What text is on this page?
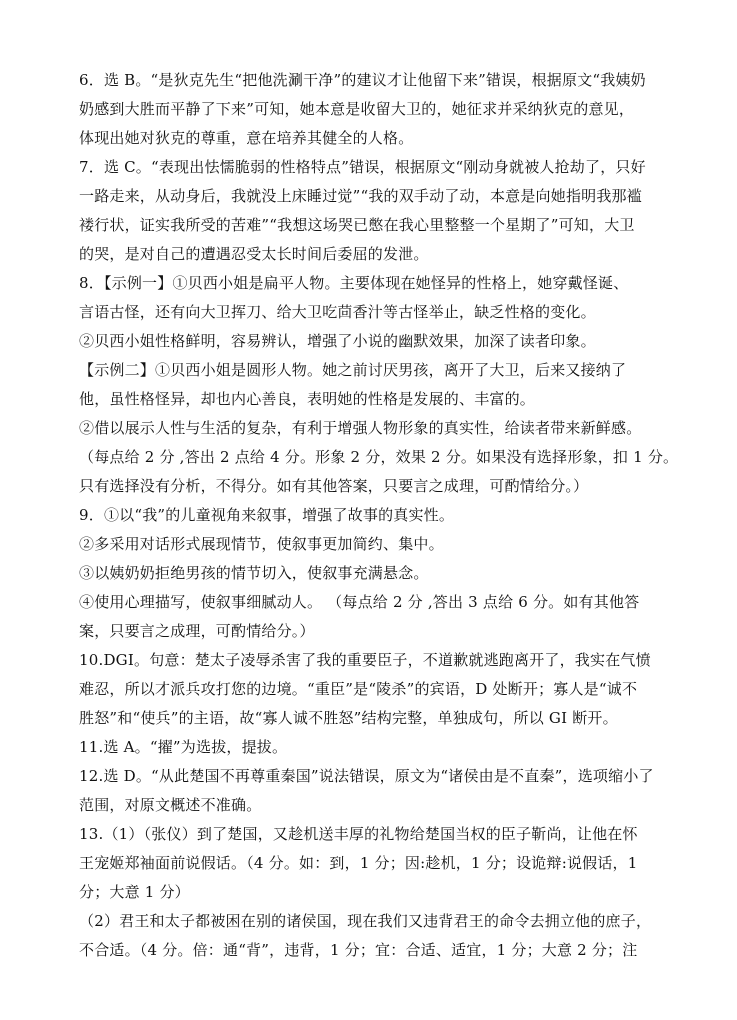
6．选 B。“是狄克先生“把他洗涮干净”的建议才让他留下来”错误，根据原文“我姨奶
奶感到大胜而平静了下来”可知，她本意是收留大卫的，她征求并采纳狄克的意见，
体现出她对狄克的尊重，意在培养其健全的人格。
7．选 C。“表现出怯懦脆弱的性格特点”错误，根据原文“刚动身就被人抢劫了，只好
一路走来，从动身后，我就没上床睡过觉”“我的双手动了动，本意是向她指明我那褴
褛行状，证实我所受的苦难”“我想这场哭已憋在我心里整整一个星期了”可知，大卫
的哭，是对自己的遭遇忍受太长时间后委屈的发泄。
8．【示例一】①贝西小姐是扁平人物。主要体现在她怪异的性格上，她穿戴怪诞、
言语古怪，还有向大卫挥刀、给大卫吃茴香汁等古怪举止，缺乏性格的变化。
②贝西小姐性格鲜明，容易辨认，增强了小说的幽默效果，加深了读者印象。
【示例二】①贝西小姐是圆形人物。她之前讨厌男孩，离开了大卫，后来又接纳了
他，虽性格怪异，却也内心善良，表明她的性格是发展的、丰富的。
②借以展示人性与生活的复杂，有利于增强人物形象的真实性，给读者带来新鲜感。
（每点给 2 分 ,答出 2 点给 4 分。形象 2 分，效果 2 分。如果没有选择形象，扣 1 分。
只有选择没有分析，不得分。如有其他答案，只要言之成理，可酌情给分。）
9．①以“我”的儿童视角来叙事，增强了故事的真实性。
②多采用对话形式展现情节，使叙事更加简约、集中。
③以姨奶奶拒绝男孩的情节切入，使叙事充满悬念。
④使用心理描写，使叙事细腻动人。 （每点给 2 分 ,答出 3 点给 6 分。如有其他答
案，只要言之成理，可酌情给分。）
10.DGI。句意：楚太子凌辱杀害了我的重要臣子，不道歉就逃跑离开了，我实在气愤
难忍，所以才派兵攻打您的边境。“重臣”是“陵杀”的宾语，D 处断开；寡人是“诚不
胜怒”和“使兵”的主语，故“寡人诚不胜怒”结构完整，单独成句，所以 GI 断开。
11.选 A。“擢”为选拔，提拔。
12.选 D。“从此楚国不再尊重秦国”说法错误，原文为“诸侯由是不直秦”，选项缩小了
范围，对原文概述不准确。
13.（1）（张仪）到了楚国，又趁机送丰厚的礼物给楚国当权的臣子靳尚，让他在怀
王宠姬郑袖面前说假话。（4 分。如：到，1 分；因:趁机，1 分；设诡辩:说假话，1
分；大意 1 分）
（2）君王和太子都被困在别的诸侯国，现在我们又违背君王的命令去拥立他的庶子，
不合适。（4 分。倍：通“背”，违背，1 分；宜：合适、适宜，1 分；大意 2 分；注
